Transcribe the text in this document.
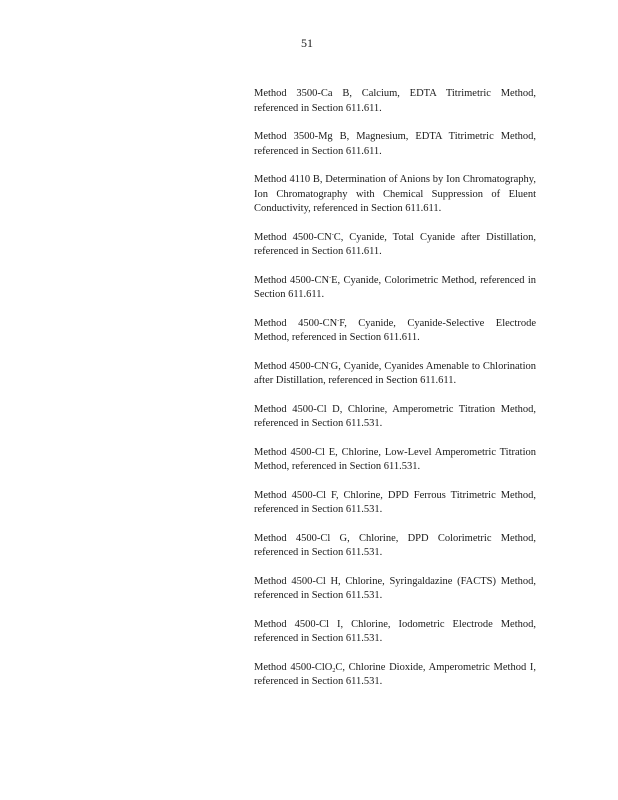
51
Method 3500-Ca B, Calcium, EDTA Titrimetric Method, referenced in Section 611.611.
Method 3500-Mg B, Magnesium, EDTA Titrimetric Method, referenced in Section 611.611.
Method 4110 B, Determination of Anions by Ion Chromatography, Ion Chromatography with Chemical Suppression of Eluent Conductivity, referenced in Section 611.611.
Method 4500-CN-C, Cyanide, Total Cyanide after Distillation, referenced in Section 611.611.
Method 4500-CN-E, Cyanide, Colorimetric Method, referenced in Section 611.611.
Method 4500-CN-F, Cyanide, Cyanide-Selective Electrode Method, referenced in Section 611.611.
Method 4500-CN-G, Cyanide, Cyanides Amenable to Chlorination after Distillation, referenced in Section 611.611.
Method 4500-Cl D, Chlorine, Amperometric Titration Method, referenced in Section 611.531.
Method 4500-Cl E, Chlorine, Low-Level Amperometric Titration Method, referenced in Section 611.531.
Method 4500-Cl F, Chlorine, DPD Ferrous Titrimetric Method, referenced in Section 611.531.
Method 4500-Cl G, Chlorine, DPD Colorimetric Method, referenced in Section 611.531.
Method 4500-Cl H, Chlorine, Syringaldazine (FACTS) Method, referenced in Section 611.531.
Method 4500-Cl I, Chlorine, Iodometric Electrode Method, referenced in Section 611.531.
Method 4500-ClO$_2$C, Chlorine Dioxide, Amperometric Method I, referenced in Section 611.531.
